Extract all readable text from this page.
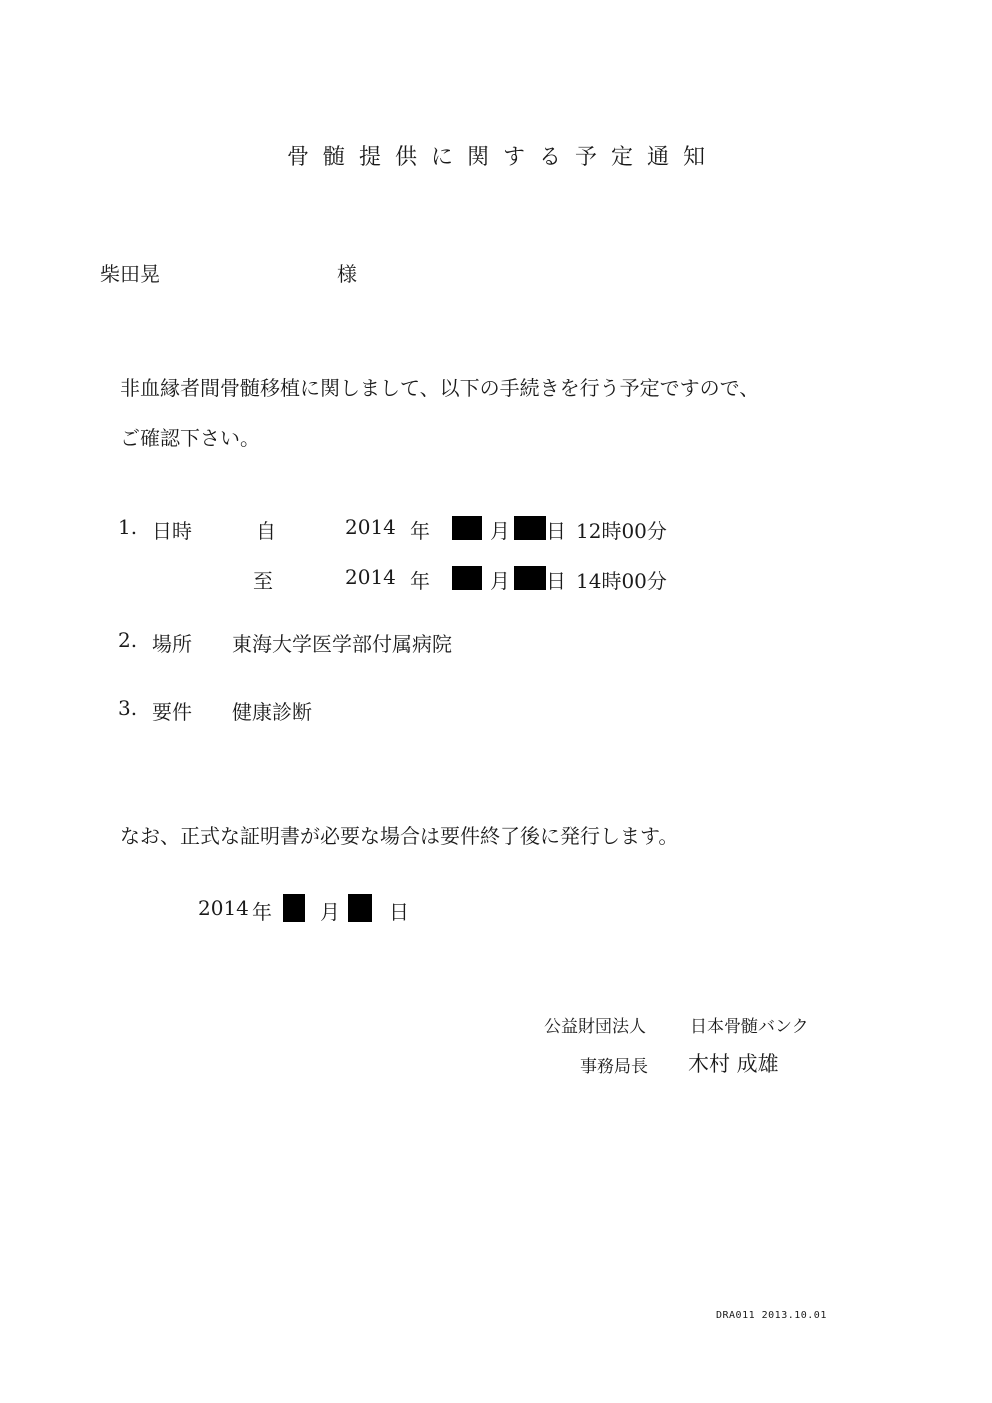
骨髄提供に関する予定通知
柴田晃	様
非血縁者間骨髄移植に関しまして、以下の手続きを行う予定ですので、
ご確認下さい。
1. 日時	自	2014 年	月 日 12時00分
至	2014 年	月 日 14時00分
2. 場所 東海大学医学部付属病院
3. 要件 健康診断
なお、正式な証明書が必要な場合は要件終了後に発行します。
2014 年 月 日
公益財団法人	日本骨髄バンク
事務局長 木村 成雄
DRA011 2013.10.01
